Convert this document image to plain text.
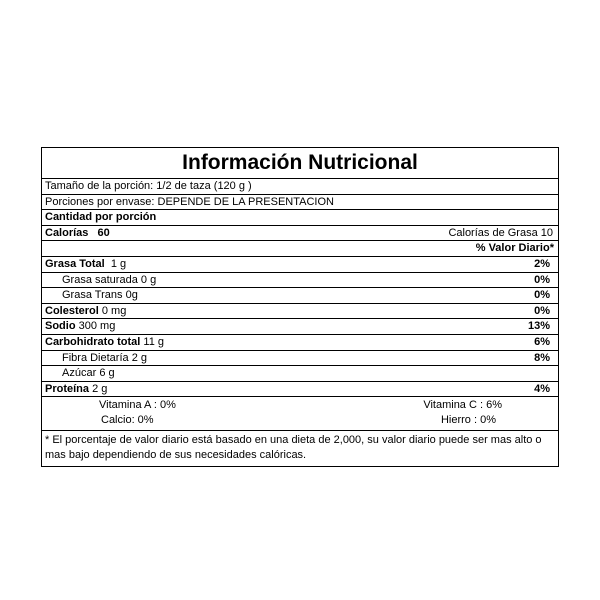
Información Nutricional
Tamaño de la porción: 1/2 de taza (120 g )
Porciones por envase: DEPENDE DE LA PRESENTACION
Cantidad por porción
Calorías 60	Calorías de Grasa 10
% Valor Diario*
Grasa Total 1 g	2%
Grasa saturada 0 g	0%
Grasa Trans 0g	0%
Colesterol 0 mg	0%
Sodio 300 mg	13%
Carbohidrato total 11 g	6%
Fibra Dietaría 2 g	8%
Azúcar 6 g
Proteína 2 g	4%
Vitamina A : 0%	Vitamina C : 6%
Calcio: 0%	Hierro : 0%
* El porcentaje de valor diario está basado en una dieta de 2,000, su valor diario puede ser mas alto o mas bajo dependiendo de sus necesidades calóricas.
